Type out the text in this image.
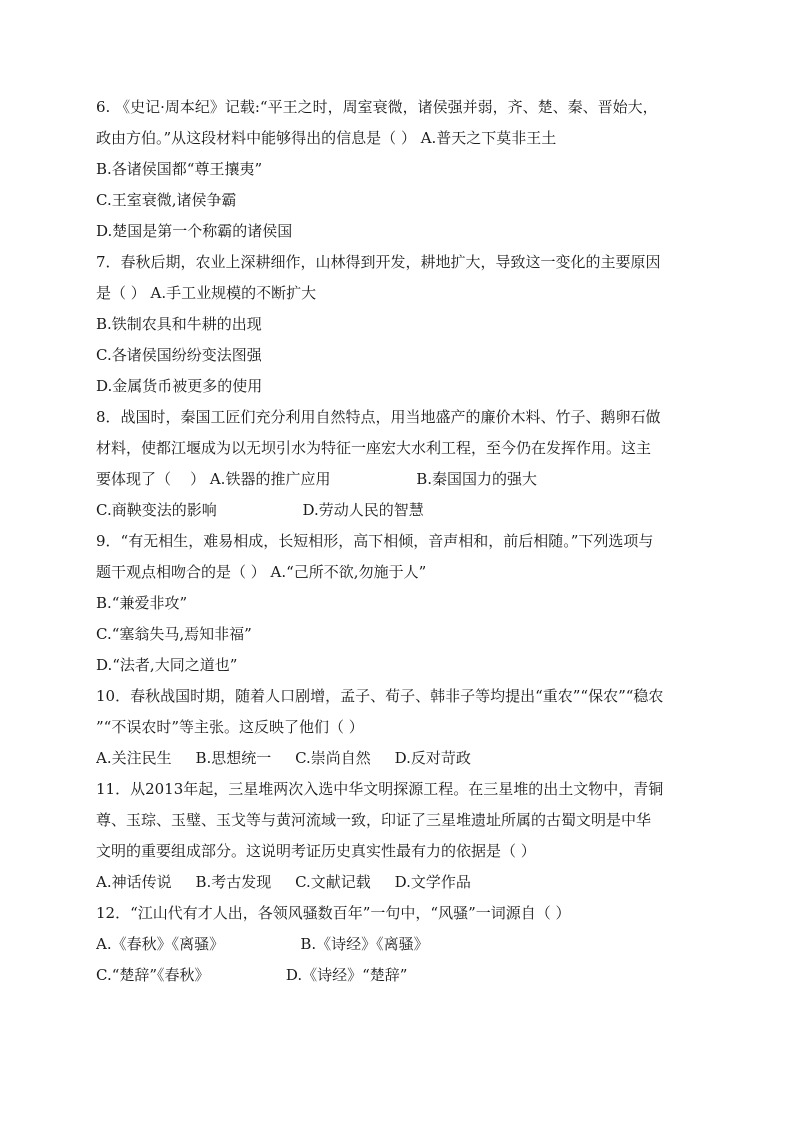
6. 《史记·周本纪》记载:“平王之时，周室衰微，诸侯强并弱，齐、楚、秦、晋始大，
政由方伯。”从这段材料中能够得出的信息是（ ） A.普天之下莫非王土
B.各诸侯国都“尊王攘夷”
C.王室衰微,诸侯争霸
D.楚国是第一个称霸的诸侯国
7．春秋后期，农业上深耕细作，山林得到开发，耕地扩大，导致这一变化的主要原因
是（ ） A.手工业规模的不断扩大
B.铁制农具和牛耕的出现
C.各诸侯国纷纷变法图强
D.金属货币被更多的使用
8．战国时，秦国工匠们充分利用自然特点，用当地盛产的廉价木料、竹子、鹅卵石做
材料，使都江堰成为以无坝引水为特征一座宏大水利工程，至今仍在发挥作用。这主
要体现了（    ） A.铁器的推广应用                  B.秦国国力的强大
C.商鞅变法的影响                  D.劳动人民的智慧
9．“有无相生，难易相成，长短相形，高下相倾，音声相和，前后相随。”下列选项与
题干观点相吻合的是（ ） A.“己所不欲,勿施于人”
B.“兼爱非攻”
C.“塞翁失马,焉知非福”
D.“法者,大同之道也”
10．春秋战国时期，随着人口剧增，孟子、荀子、韩非子等均提出“重农”“保农”“稳农
”“不误农时”等主张。这反映了他们（ ）
A.关注民生     B.思想统一     C.崇尚自然     D.反对苛政
11．从2013年起，三星堆两次入选中华文明探源工程。在三星堆的出土文物中，青铜
尊、玉琮、玉璧、玉戈等与黄河流域一致，印证了三星堆遗址所属的古蜀文明是中华
文明的重要组成部分。这说明考证历史真实性最有力的依据是（ ）
A.神话传说     B.考古发现     C.文献记载     D.文学作品
12．“江山代有才人出，各领风骚数百年”一句中，“风骚”一词源自（ ）
A.《春秋》《离骚》                B.《诗经》《离骚》
C.“楚辞”《春秋》                D.《诗经》“楚辞”
